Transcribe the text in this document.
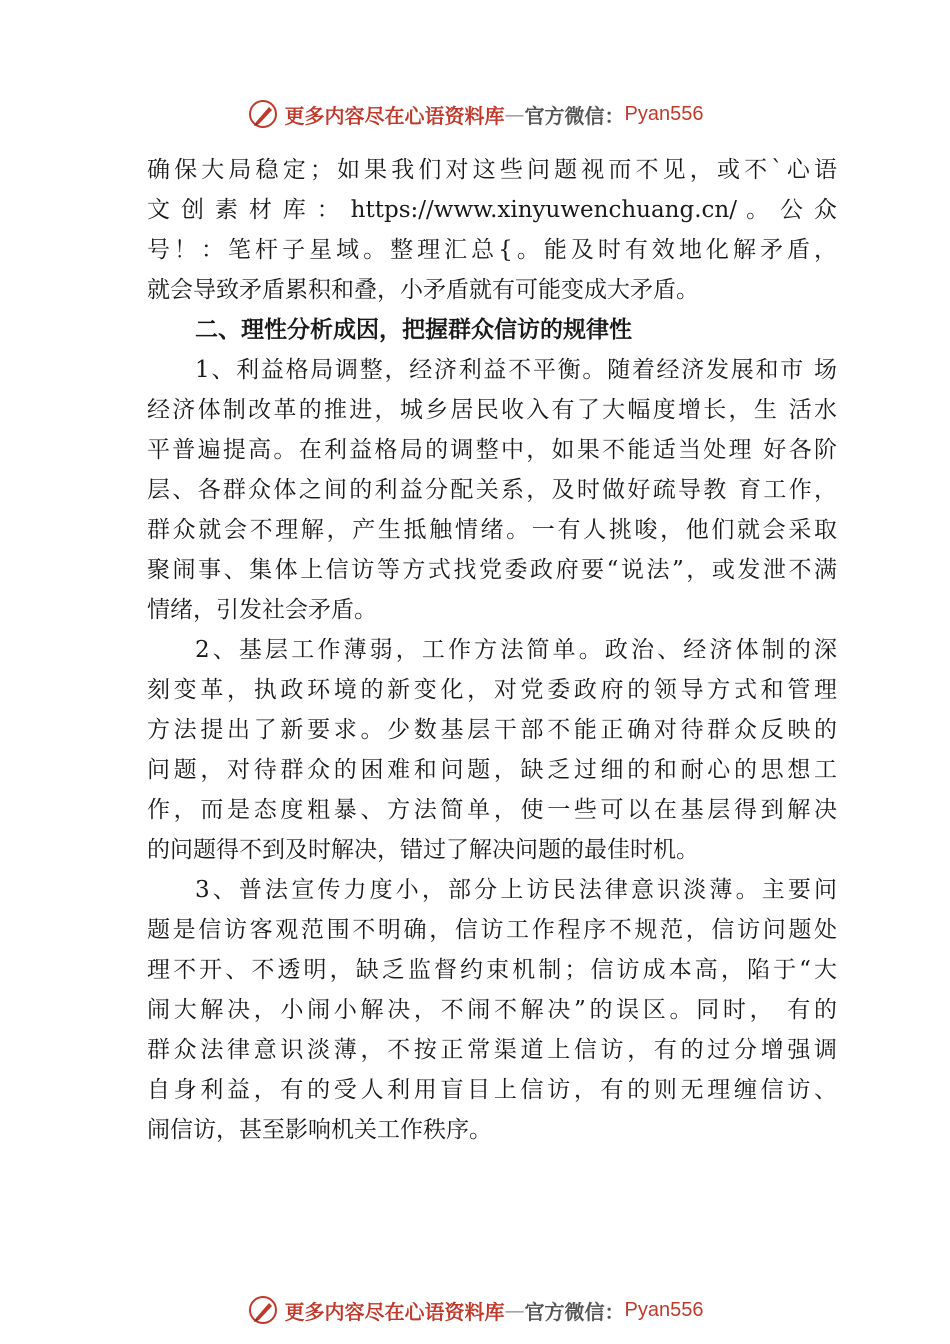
更多内容尽在心语资料库 — 官方微信： Pyan556
确保大局稳定；如果我们对这些问题视而不见，或不`心语
文 创 素 材 库 ： https://www.xinyuwenchuang.cn/ 。 公 众
号！：笔杆子星域。整理汇总{。能及时有效地化解矛盾，
就会导致矛盾累积和叠，小矛盾就有可能变成大矛盾。
二、理性分析成因，把握群众信访的规律性
1、利益格局调整，经济利益不平衡。随着经济发展和市 场
经济体制改革的推进，城乡居民收入有了大幅度增长，生 活水
平普遍提高。在利益格局的调整中，如果不能适当处理 好各阶
层、各群众体之间的利益分配关系，及时做好疏导教 育工作，
群众就会不理解，产生抵触情绪。一有人挑唆，他们就会采取
聚闹事、集体上信访等方式找党委政府要“说法”，或发泄不满
情绪，引发社会矛盾。
2、基层工作薄弱，工作方法简单。政治、经济体制的深
刻变革，执政环境的新变化，对党委政府的领导方式和管理
方法提出了新要求。少数基层干部不能正确对待群众反映的
问题，对待群众的困难和问题，缺乏过细的和耐心的思想工
作，而是态度粗暴、方法简单，使一些可以在基层得到解决
的问题得不到及时解决，错过了解决问题的最佳时机。
3、普法宣传力度小，部分上访民法律意识淡薄。主要问
题是信访客观范围不明确，信访工作程序不规范，信访问题处
理不开、不透明，缺乏监督约束机制；信访成本高，陷于“大
闹大解决，小闹小解决，不闹不解决”的误区。同时， 有的
群众法律意识淡薄，不按正常渠道上信访，有的过分增强调
自身利益，有的受人利用盲目上信访，有的则无理缠信访、
闹信访，甚至影响机关工作秩序。
更多内容尽在心语资料库 — 官方微信： Pyan556
